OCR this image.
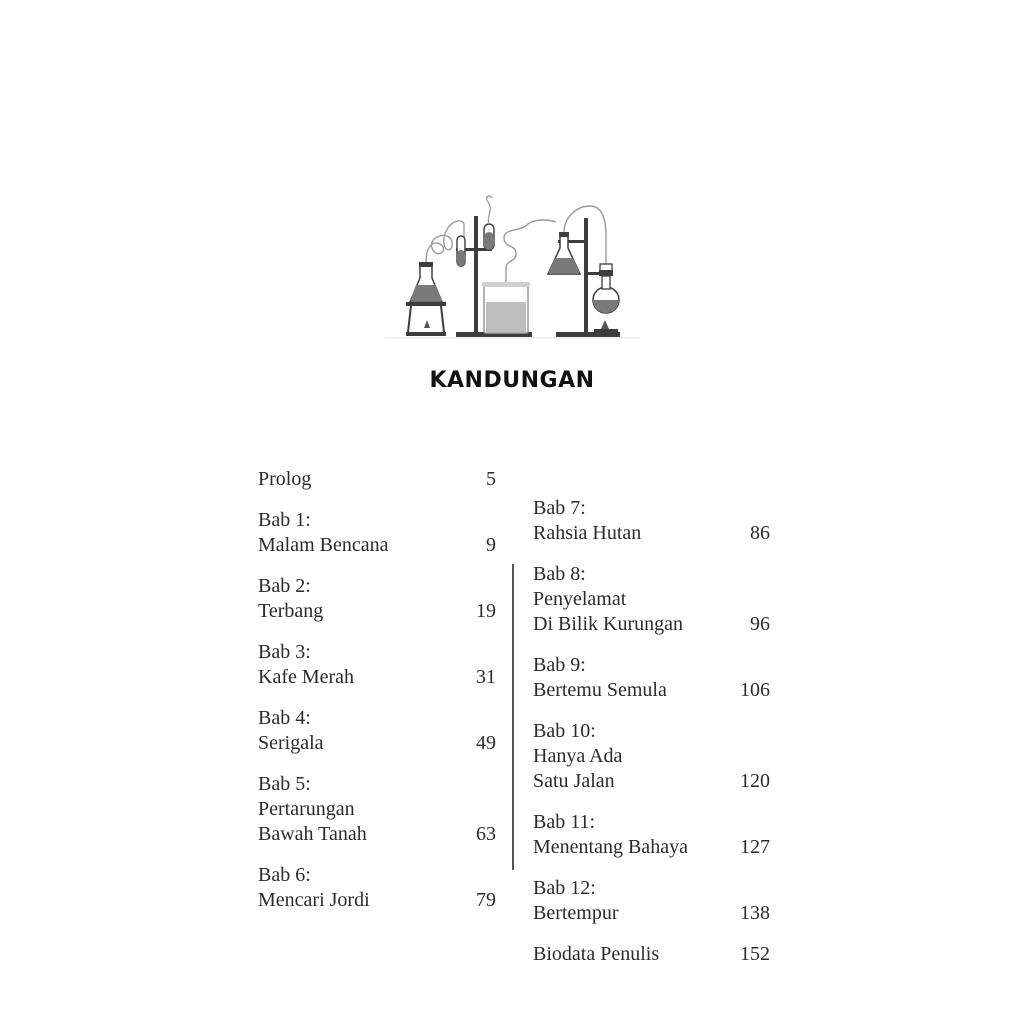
KANDUNGAN
Prolog	5
Bab 1:
Malam Bencana	9
Bab 2:
Terbang	19
Bab 3:
Kafe Merah	31
Bab 4:
Serigala	49
Bab 5:
Pertarungan
Bawah Tanah	63
Bab 6:
Mencari Jordi	79
Bab 7:
Rahsia Hutan	86
Bab 8:
Penyelamat
Di Bilik Kurungan	96
Bab 9:
Bertemu Semula	106
Bab 10:
Hanya Ada
Satu Jalan	120
Bab 11:
Menentang Bahaya	127
Bab 12:
Bertempur	138
Biodata Penulis	152
